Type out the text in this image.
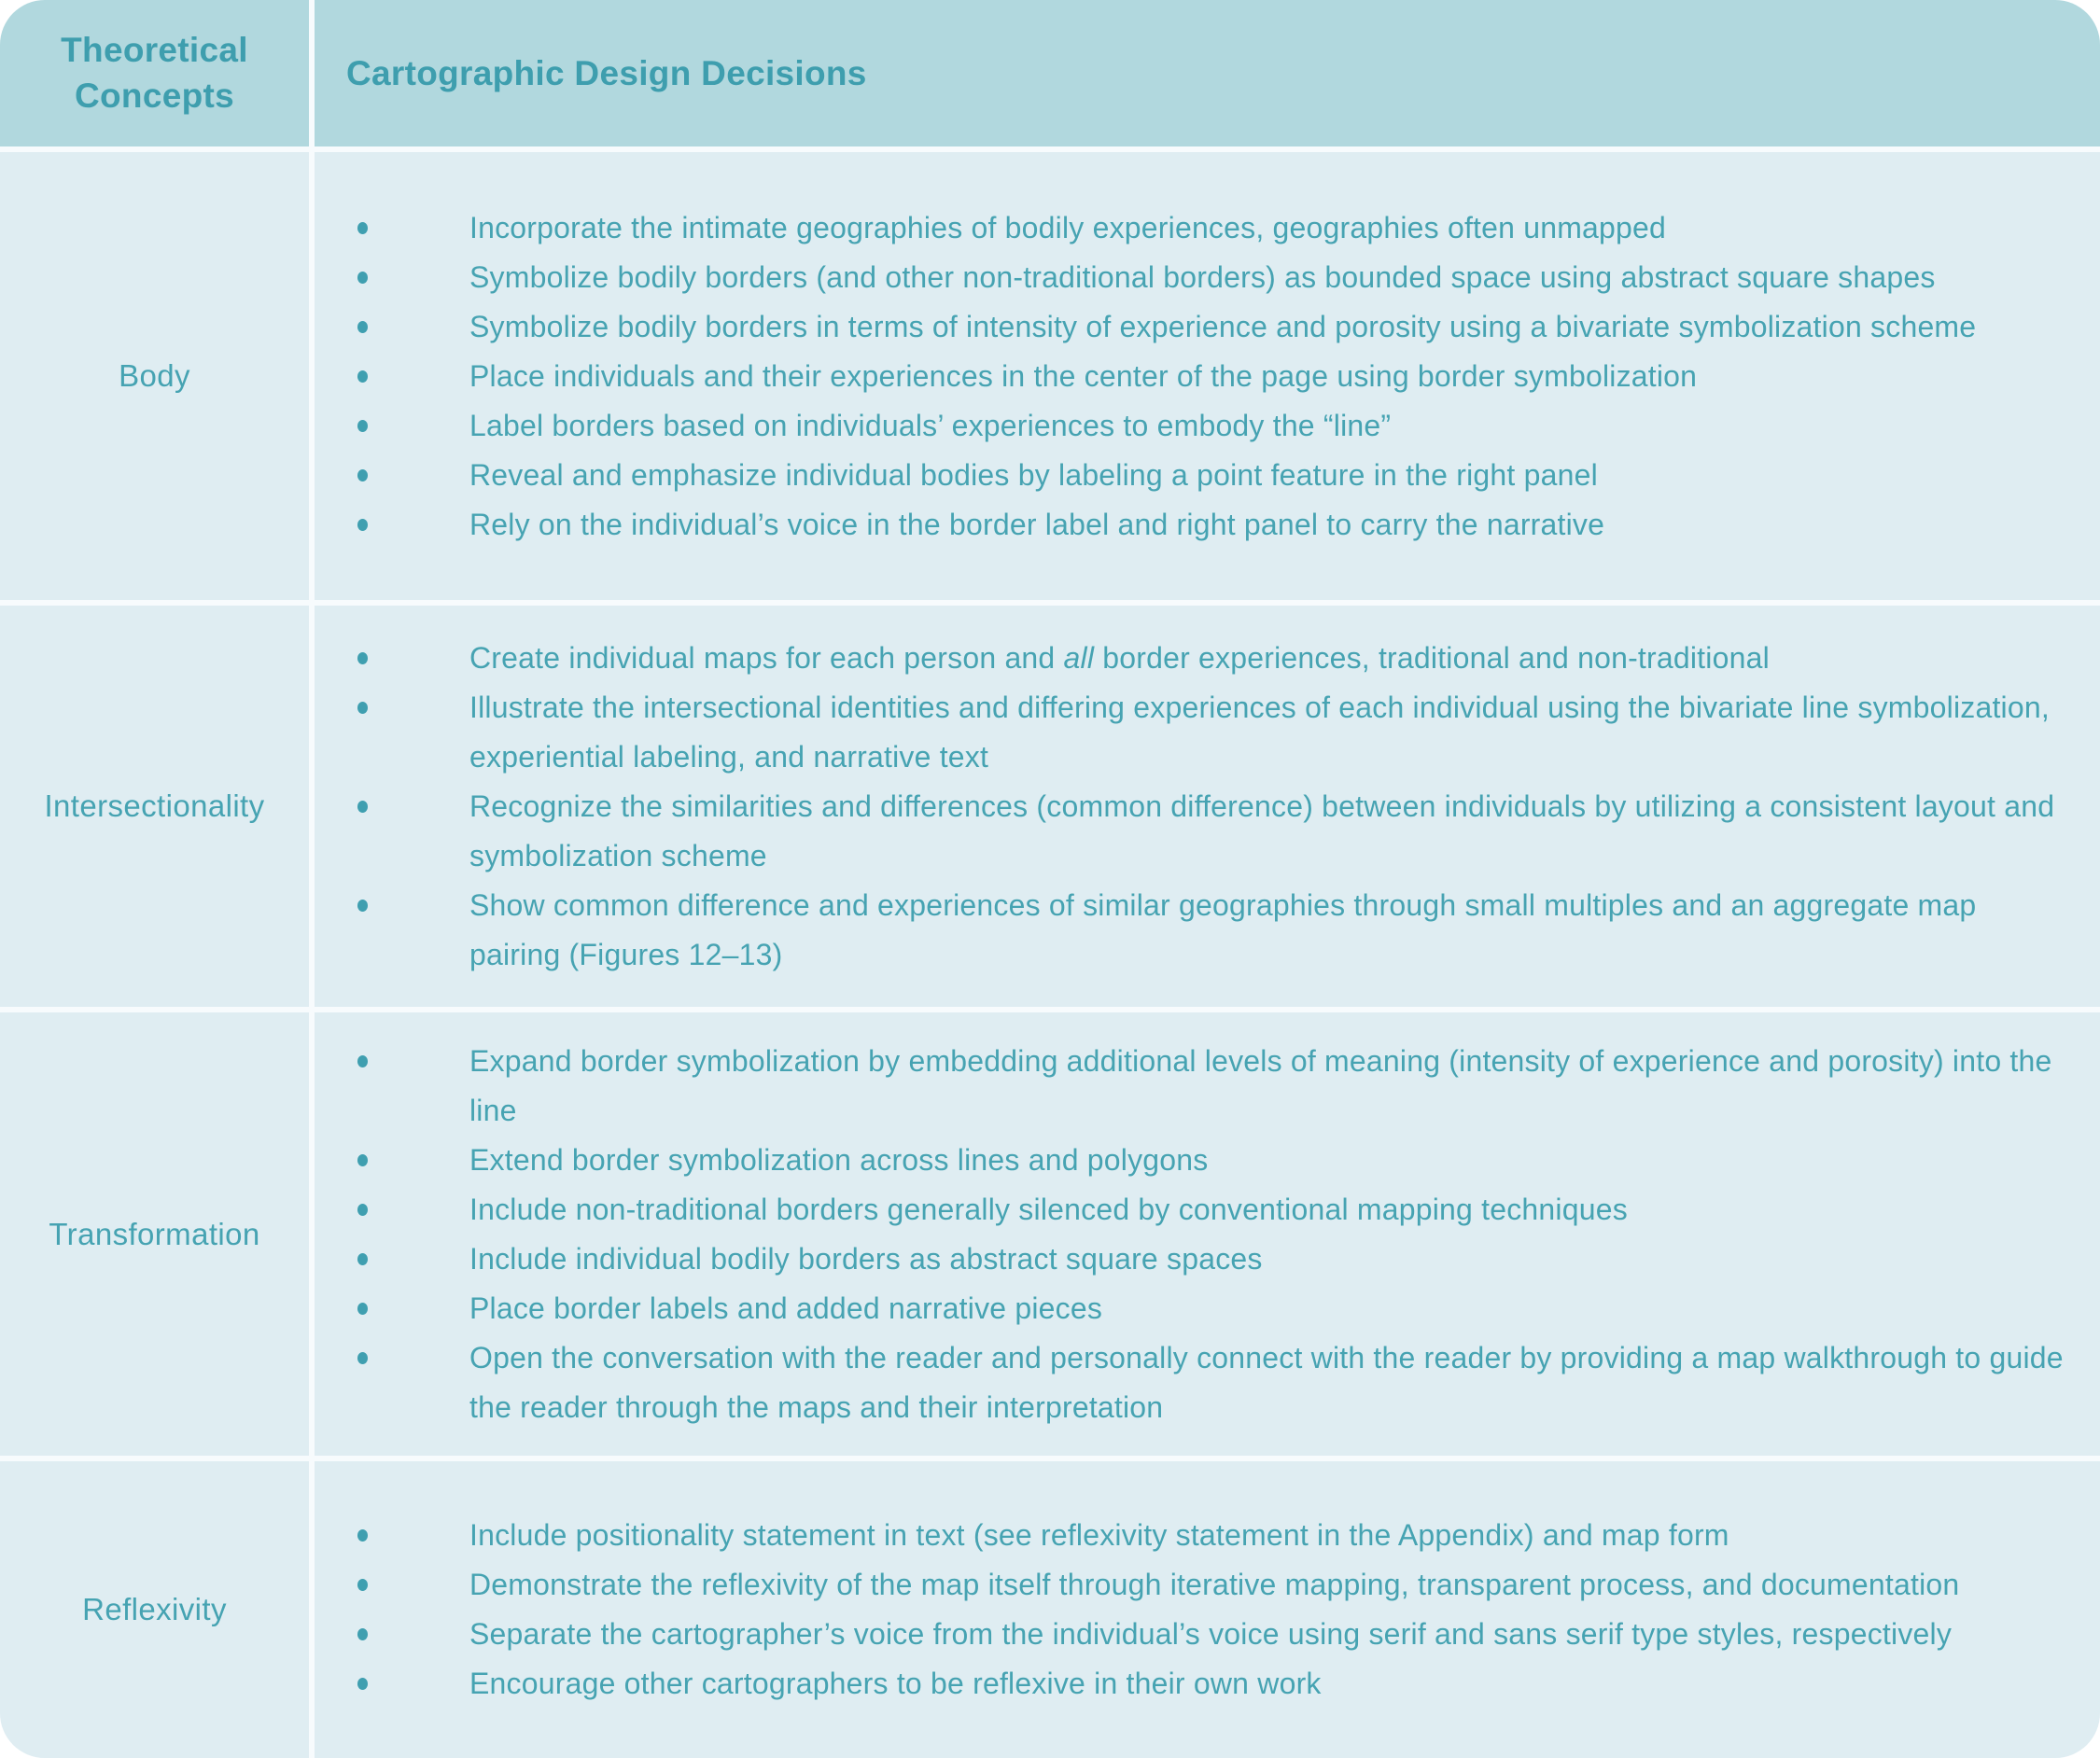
Theoretical Concepts
Cartographic Design Decisions
Body
Incorporate the intimate geographies of bodily experiences, geographies often unmapped
Symbolize bodily borders (and other non-traditional borders) as bounded space using abstract square shapes
Symbolize bodily borders in terms of intensity of experience and porosity using a bivariate symbolization scheme
Place individuals and their experiences in the center of the page using border symbolization
Label borders based on individuals’ experiences to embody the “line”
Reveal and emphasize individual bodies by labeling a point feature in the right panel
Rely on the individual’s voice in the border label and right panel to carry the narrative
Intersectionality
Create individual maps for each person and all border experiences, traditional and non-traditional
Illustrate the intersectional identities and differing experiences of each individual using the bivariate line symbolization, experiential labeling, and narrative text
Recognize the similarities and differences (common difference) between individuals by utilizing a consistent layout and symbolization scheme
Show common difference and experiences of similar geographies through small multiples and an aggregate map pairing (Figures 12–13)
Transformation
Expand border symbolization by embedding additional levels of meaning (intensity of experience and porosity) into the line
Extend border symbolization across lines and polygons
Include non-traditional borders generally silenced by conventional mapping techniques
Include individual bodily borders as abstract square spaces
Place border labels and added narrative pieces
Open the conversation with the reader and personally connect with the reader by providing a map walkthrough to guide the reader through the maps and their interpretation
Reflexivity
Include positionality statement in text (see reflexivity statement in the Appendix) and map form
Demonstrate the reflexivity of the map itself through iterative mapping, transparent process, and documentation
Separate the cartographer’s voice from the individual’s voice using serif and sans serif type styles, respectively
Encourage other cartographers to be reflexive in their own work
